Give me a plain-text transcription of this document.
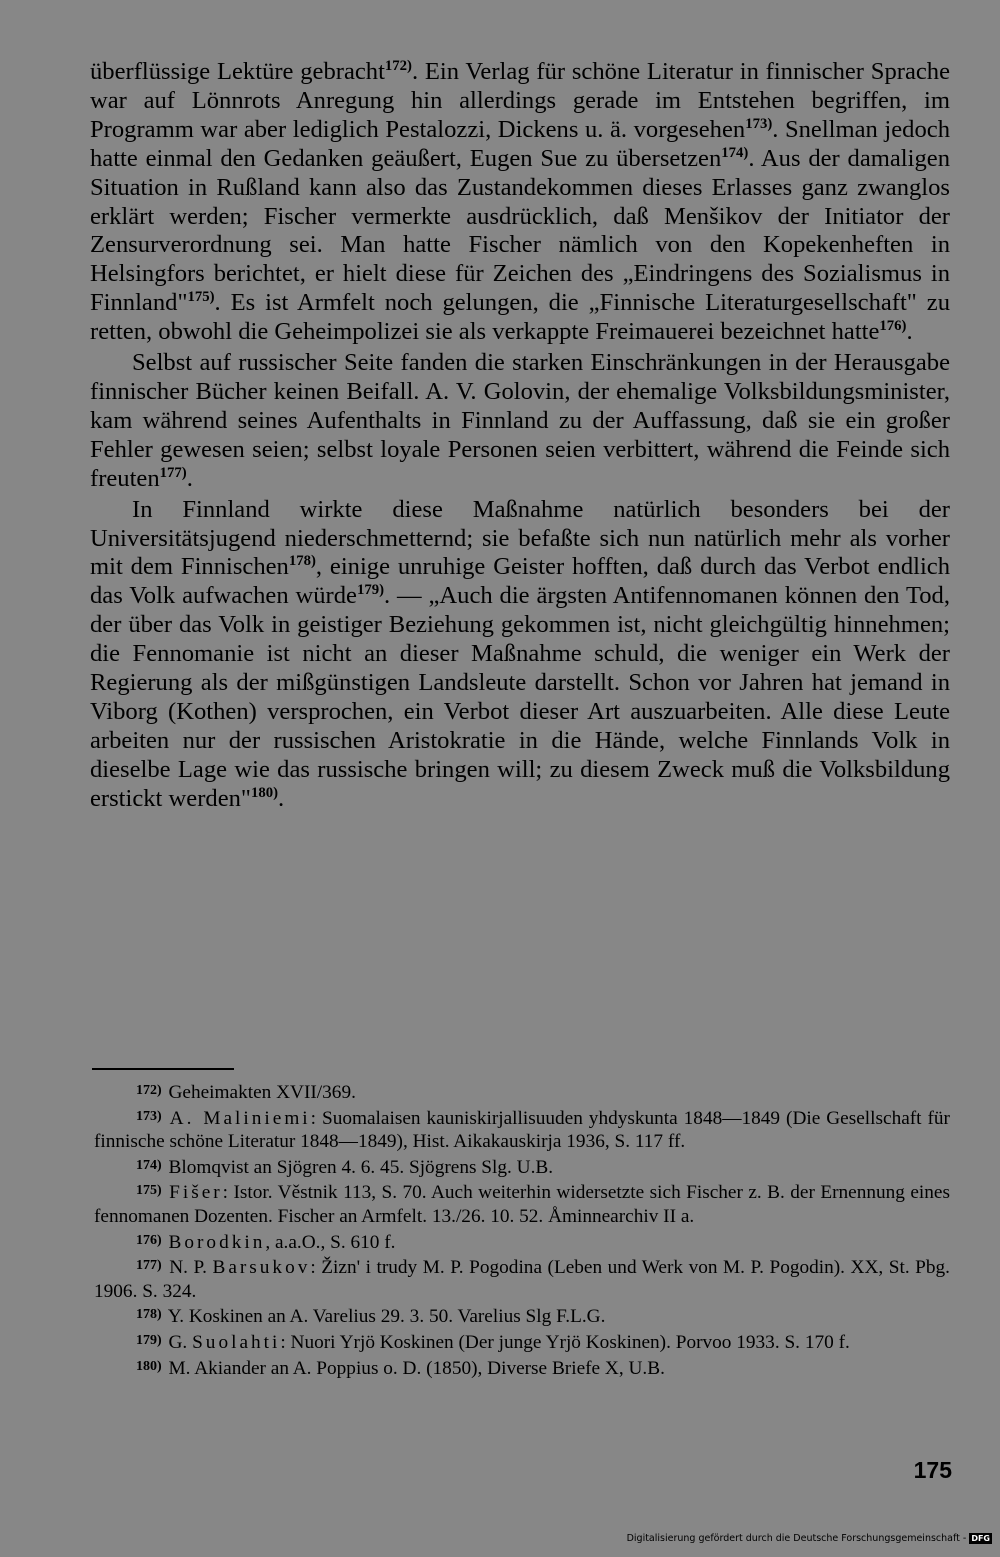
überflüssige Lektüre gebracht$^{172)}$. Ein Verlag für schöne Literatur in finnischer Sprache war auf Lönnrots Anregung hin allerdings gerade im Entstehen begriffen, im Programm war aber lediglich Pestalozzi, Dickens u. ä. vorgesehen$^{173)}$. Snellman jedoch hatte einmal den Gedanken geäußert, Eugen Sue zu übersetzen$^{174)}$. Aus der damaligen Situation in Rußland kann also das Zustandekommen dieses Erlasses ganz zwanglos erklärt werden; Fischer vermerkte ausdrücklich, daß Menšikov der Initiator der Zensurverordnung sei. Man hatte Fischer nämlich von den Kopekenheften in Helsingfors berichtet, er hielt diese für Zeichen des „Eindringens des Sozialismus in Finnland"$^{175)}$. Es ist Armfelt noch gelungen, die „Finnische Literaturgesellschaft" zu retten, obwohl die Geheimpolizei sie als verkappte Freimauerei bezeichnet hatte$^{176)}$.

Selbst auf russischer Seite fanden die starken Einschränkungen in der Herausgabe finnischer Bücher keinen Beifall. A. V. Golovin, der ehemalige Volksbildungsminister, kam während seines Aufenthalts in Finnland zu der Auffassung, daß sie ein großer Fehler gewesen seien; selbst loyale Personen seien verbittert, während die Feinde sich freuten$^{177)}$.

In Finnland wirkte diese Maßnahme natürlich besonders bei der Universitätsjugend niederschmetternd; sie befaßte sich nun natürlich mehr als vorher mit dem Finnischen$^{178)}$, einige unruhige Geister hofften, daß durch das Verbot endlich das Volk aufwachen würde$^{179)}$. — „Auch die ärgsten Antifennomanen können den Tod, der über das Volk in geistiger Beziehung gekommen ist, nicht gleichgültig hinnehmen; die Fennomanie ist nicht an dieser Maßnahme schuld, die weniger ein Werk der Regierung als der mißgünstigen Landsleute darstellt. Schon vor Jahren hat jemand in Viborg (Kothen) versprochen, ein Verbot dieser Art auszuarbeiten. Alle diese Leute arbeiten nur der russischen Aristokratie in die Hände, welche Finnlands Volk in dieselbe Lage wie das russische bringen will; zu diesem Zweck muß die Volksbildung erstickt werden"$^{180)}$.

$^{172)}$ Geheimakten XVII/369.

$^{173)}$ A. Maliniemi: Suomalaisen kauniskirjallisuuden yhdyskunta 1848—1849 (Die Gesellschaft für finnische schöne Literatur 1848—1849), Hist. Aikakauskirja 1936, S. 117 ff.

$^{174)}$ Blomqvist an Sjögren 4. 6. 45. Sjögrens Slg. U.B.

$^{175)}$ Fišer: Istor. Věstnik 113, S. 70. Auch weiterhin widersetzte sich Fischer z. B. der Ernennung eines fennomanen Dozenten. Fischer an Armfelt. 13./26. 10. 52. Åminnearchiv II a.

$^{176)}$ Borodkin, a.a.O., S. 610 f.

$^{177)}$ N. P. Barsukov: Žizn' i trudy M. P. Pogodina (Leben und Werk von M. P. Pogodin). XX, St. Pbg. 1906. S. 324.

$^{178)}$ Y. Koskinen an A. Varelius 29. 3. 50. Varelius Slg F.L.G.

$^{179)}$ G. Suolahti: Nuori Yrjö Koskinen (Der junge Yrjö Koskinen). Porvoo 1933. S. 170 f.

$^{180)}$ M. Akiander an A. Poppius o. D. (1850), Diverse Briefe X, U.B.

175
Digitalisierung gefördert durch die Deutsche Forschungsgemeinschaft - DFG
